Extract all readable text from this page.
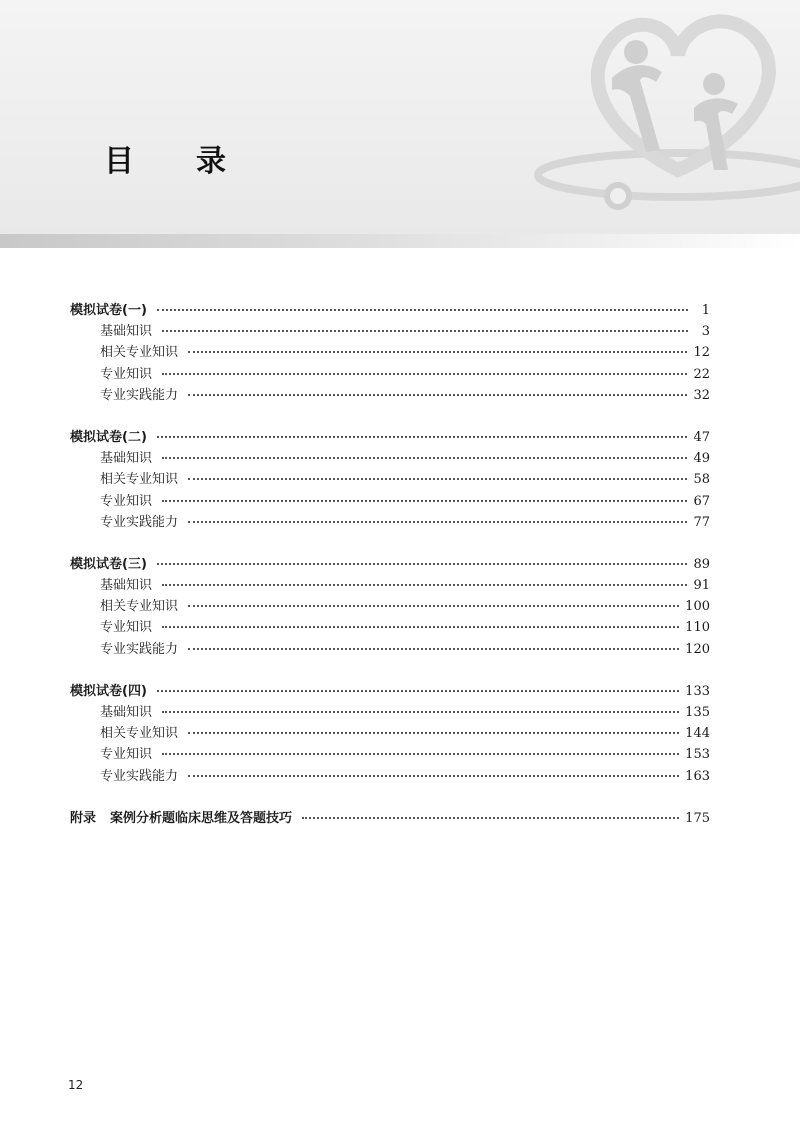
目录
模拟试卷(一)	1
基础知识	3
相关专业知识	12
专业知识	22
专业实践能力	32
模拟试卷(二)	47
基础知识	49
相关专业知识	58
专业知识	67
专业实践能力	77
模拟试卷(三)	89
基础知识	91
相关专业知识	100
专业知识	110
专业实践能力	120
模拟试卷(四)	133
基础知识	135
相关专业知识	144
专业知识	153
专业实践能力	163
附录 案例分析题临床思维及答题技巧	175
12
